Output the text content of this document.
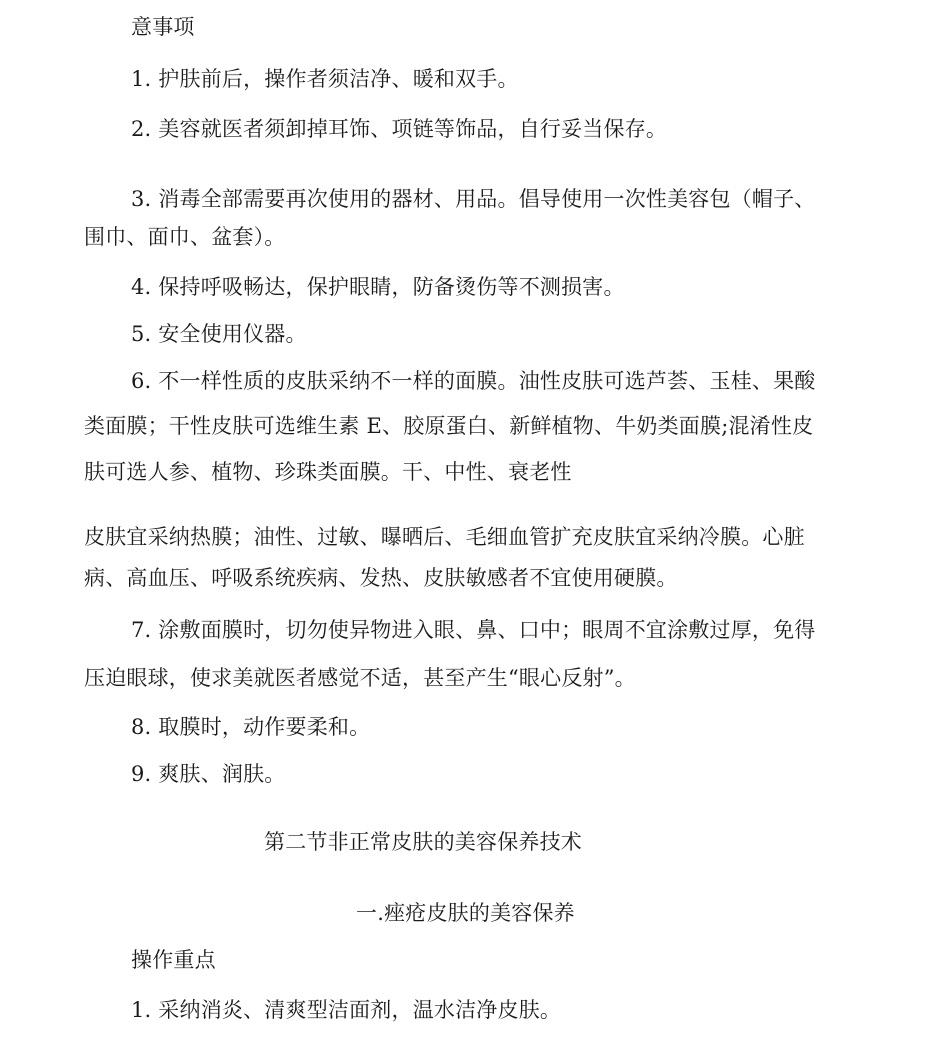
意事项
1. 护肤前后，操作者须洁净、暖和双手。
2. 美容就医者须卸掉耳饰、项链等饰品，自行妥当保存。
3. 消毒全部需要再次使用的器材、用品。倡导使用一次性美容包（帽子、
围巾、面巾、盆套）。
4. 保持呼吸畅达，保护眼睛，防备烫伤等不测损害。
5. 安全使用仪器。
6. 不一样性质的皮肤采纳不一样的面膜。油性皮肤可选芦荟、玉桂、果酸
类面膜；干性皮肤可选维生素 E、胶原蛋白、新鲜植物、牛奶类面膜;混淆性皮
肤可选人参、植物、珍珠类面膜。干、中性、衰老性
皮肤宜采纳热膜；油性、过敏、曝晒后、毛细血管扩充皮肤宜采纳冷膜。心脏
病、高血压、呼吸系统疾病、发热、皮肤敏感者不宜使用硬膜。
7. 涂敷面膜时，切勿使异物进入眼、鼻、口中；眼周不宜涂敷过厚，免得
压迫眼球，使求美就医者感觉不适，甚至产生“眼心反射”。
8. 取膜时，动作要柔和。
9. 爽肤、润肤。
第二节非正常皮肤的美容保养技术
一.痤疮皮肤的美容保养
操作重点
1. 采纳消炎、清爽型洁面剂，温水洁净皮肤。
